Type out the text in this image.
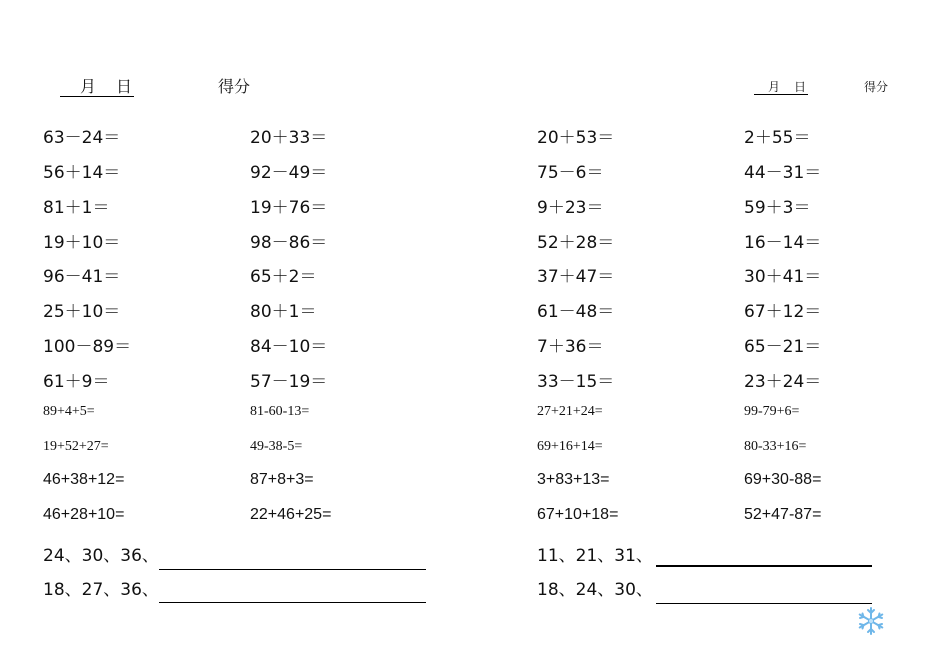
月 日	得分	月 日	得分
63－24＝	20＋33＝	20＋53＝	2＋55＝
56＋14＝	92－49＝	75－6＝	44－31＝
81＋1＝	19＋76＝	9＋23＝	59＋3＝
19＋10＝	98－86＝	52＋28＝	16－14＝
96－41＝	65＋2＝	37＋47＝	30＋41＝
25＋10＝	80＋1＝	61－48＝	67＋12＝
100－89＝	84－10＝	7＋36＝	65－21＝
61＋9＝	57－19＝	33－15＝	23＋24＝
89+4+5=	81-60-13=	27+21+24=	99-79+6=
19+52+27=	49-38-5=	69+16+14=	80-33+16=
46+38+12=	87+8+3=	3+83+13=	69+30-88=
46+28+10=	22+46+25=	67+10+18=	52+47-87=
24、30、36、	11、21、31、
18、27、36、	18、24、30、
